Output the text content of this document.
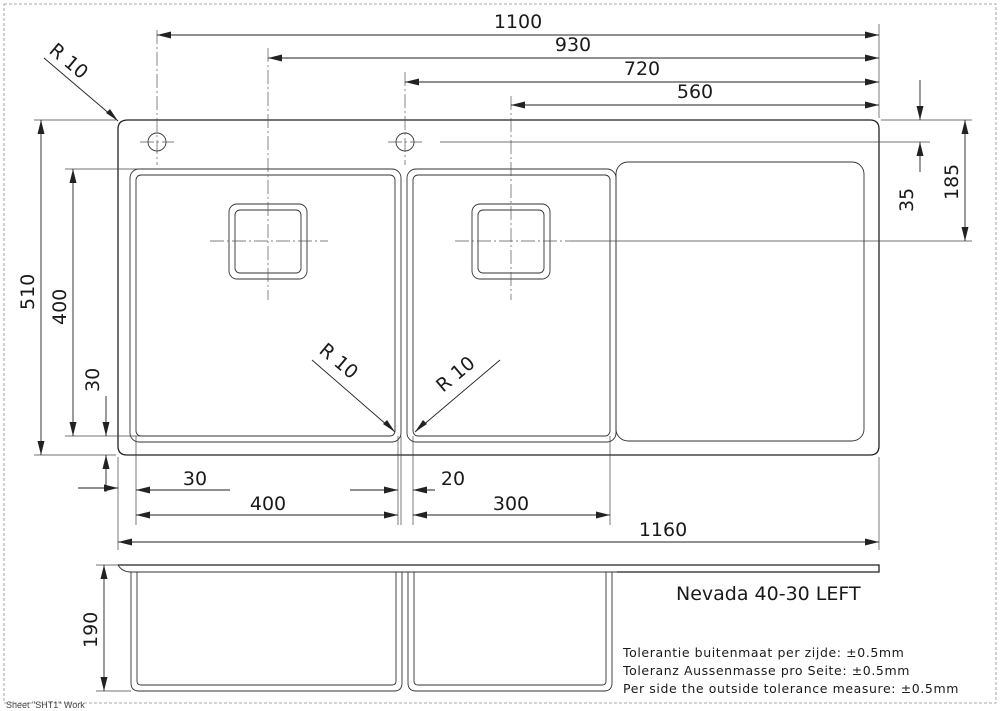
1100
930
720
560
R 10
35 185
510 400
30	R 10	R 10
30
400
20
300
1160
190
Nevada 40-30 LEFT
Tolerantie buitenmaat per zijde: ±0.5mm
Toleranz Aussenmasse pro Seite: ±0.5mm
Per side the outside tolerance measure: ±0.5mm
Sheet "SHT1" Work
